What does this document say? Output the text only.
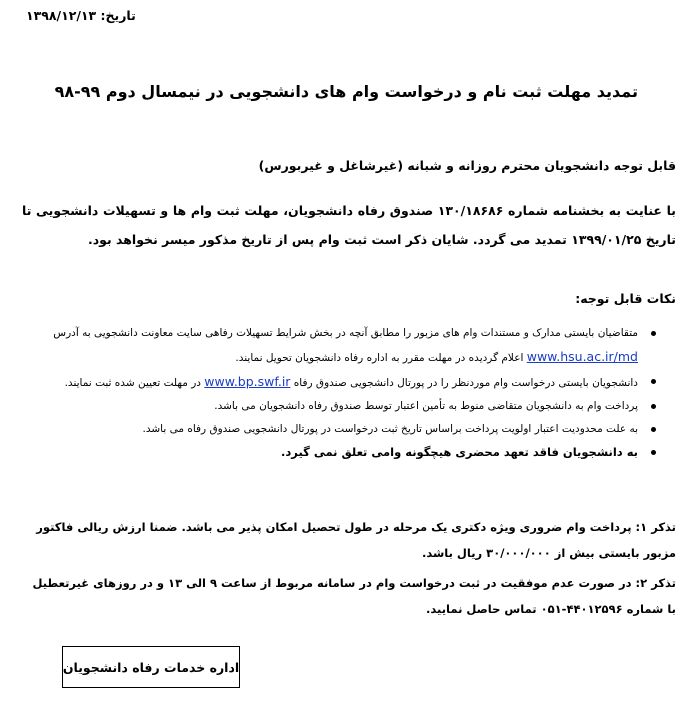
تاریخ: ۱۳۹۸/۱۲/۱۳
تمدید مهلت ثبت نام و درخواست وام های دانشجویی در نیمسال دوم ۹۹-۹۸
قابل توجه دانشجویان محترم روزانه و شبانه (غیرشاغل و غیربورس)
با عنایت به بخشنامه شماره ۱۳۰/۱۸۶۸۶ صندوق رفاه دانشجویان، مهلت ثبت وام ها و تسهیلات دانشجویی تا تاریخ ۱۳۹۹/۰۱/۲۵ تمدید می گردد. شایان ذکر است ثبت وام پس از تاریخ مذکور میسر نخواهد بود.
نکات قابل توجه:
متقاضیان بایستی مدارک و مستندات وام های مزبور را مطابق آنچه در بخش شرایط تسهیلات رفاهی سایت معاونت دانشجویی به آدرس www.hsu.ac.ir/md اعلام گردیده در مهلت مقرر به اداره رفاه دانشجویان تحویل نمایند.
دانشجویان بایستی درخواست وام موردنظر را در پورتال دانشجویی صندوق رفاه www.bp.swf.ir در مهلت تعیین شده ثبت نمایند.
پرداخت وام به دانشجویان متقاضی منوط به تأمین اعتبار توسط صندوق رفاه دانشجویان می باشد.
به علت محدودیت اعتبار اولویت پرداخت براساس تاریخ ثبت درخواست در پورتال دانشجویی صندوق رفاه می باشد.
به دانشجویان فاقد تعهد محضری هیچگونه وامی تعلق نمی گیرد.
تذکر ۱: پرداخت وام ضروری ویژه دکتری یک مرحله در طول تحصیل امکان پذیر می باشد. ضمنا ارزش ریالی فاکتور مزبور بایستی بیش از ۳۰/۰۰۰/۰۰۰ ریال باشد.
تذکر ۲: در صورت عدم موفقیت در ثبت درخواست وام در سامانه مربوط از ساعت ۹ الی ۱۳ و در روزهای غیرتعطیل با شماره ۴۴۰۱۲۵۹۶-۰۵۱ تماس حاصل نمایید.
اداره خدمات رفاه دانشجویان
